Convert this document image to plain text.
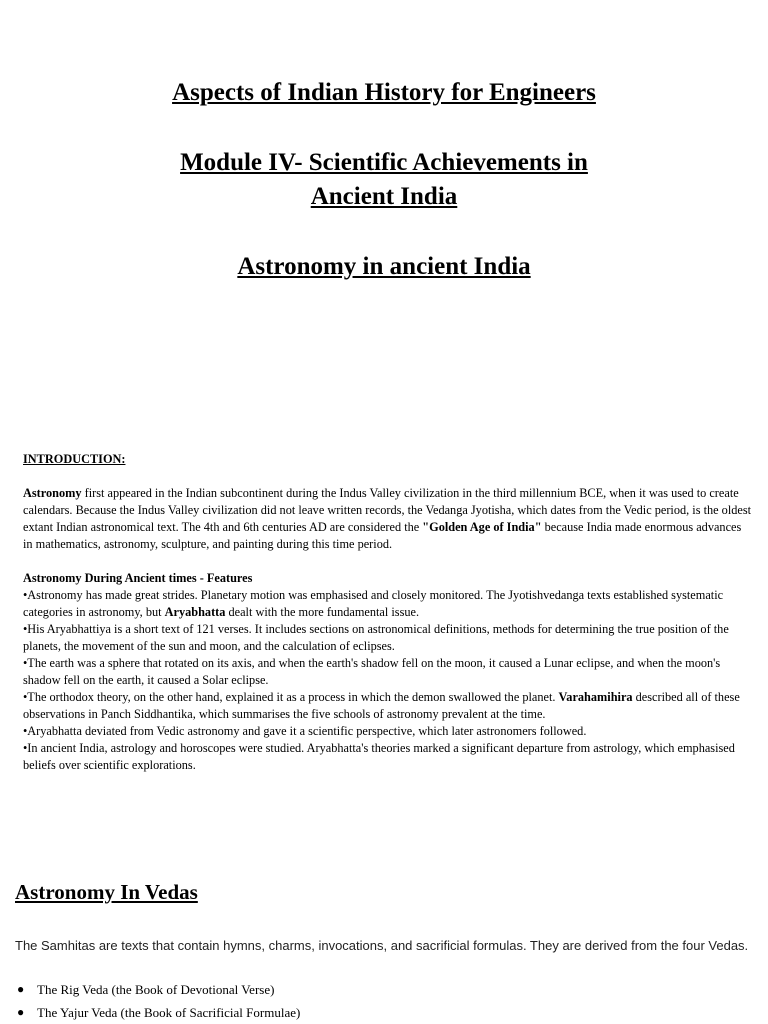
Aspects of Indian History for Engineers
Module IV- Scientific Achievements in
Ancient India
Astronomy in ancient India

INTRODUCTION:

Astronomy first appeared in the Indian subcontinent during the Indus Valley civilization in the third millennium BCE, when it was used to create calendars. Because the Indus Valley civilization did not leave written records, the Vedanga Jyotisha, which dates from the Vedic period, is the oldest extant Indian astronomical text. The 4th and 6th centuries AD are considered the "Golden Age of India" because India made enormous advances in mathematics, astronomy, sculpture, and painting during this time period.

Astronomy During Ancient times - Features

•Astronomy has made great strides. Planetary motion was emphasised and closely monitored. The Jyotishvedanga texts established systematic categories in astronomy, but Aryabhatta dealt with the more fundamental issue.

•His Aryabhattiya is a short text of 121 verses. It includes sections on astronomical definitions, methods for determining the true position of the planets, the movement of the sun and moon, and the calculation of eclipses.

•The earth was a sphere that rotated on its axis, and when the earth's shadow fell on the moon, it caused a Lunar eclipse, and when the moon's shadow fell on the earth, it caused a Solar eclipse.

•The orthodox theory, on the other hand, explained it as a process in which the demon swallowed the planet. Varahamihira described all of these observations in Panch Siddhantika, which summarises the five schools of astronomy prevalent at the time.

•Aryabhatta deviated from Vedic astronomy and gave it a scientific perspective, which later astronomers followed.

•In ancient India, astrology and horoscopes were studied. Aryabhatta's theories marked a significant departure from astrology, which emphasised beliefs over scientific explorations.

Astronomy In Vedas

The Samhitas are texts that contain hymns, charms, invocations, and sacrificial formulas. They are derived from the four Vedas.

● The Rig Veda (the Book of Devotional Verse)
● The Yajur Veda (the Book of Sacrificial Formulae)
